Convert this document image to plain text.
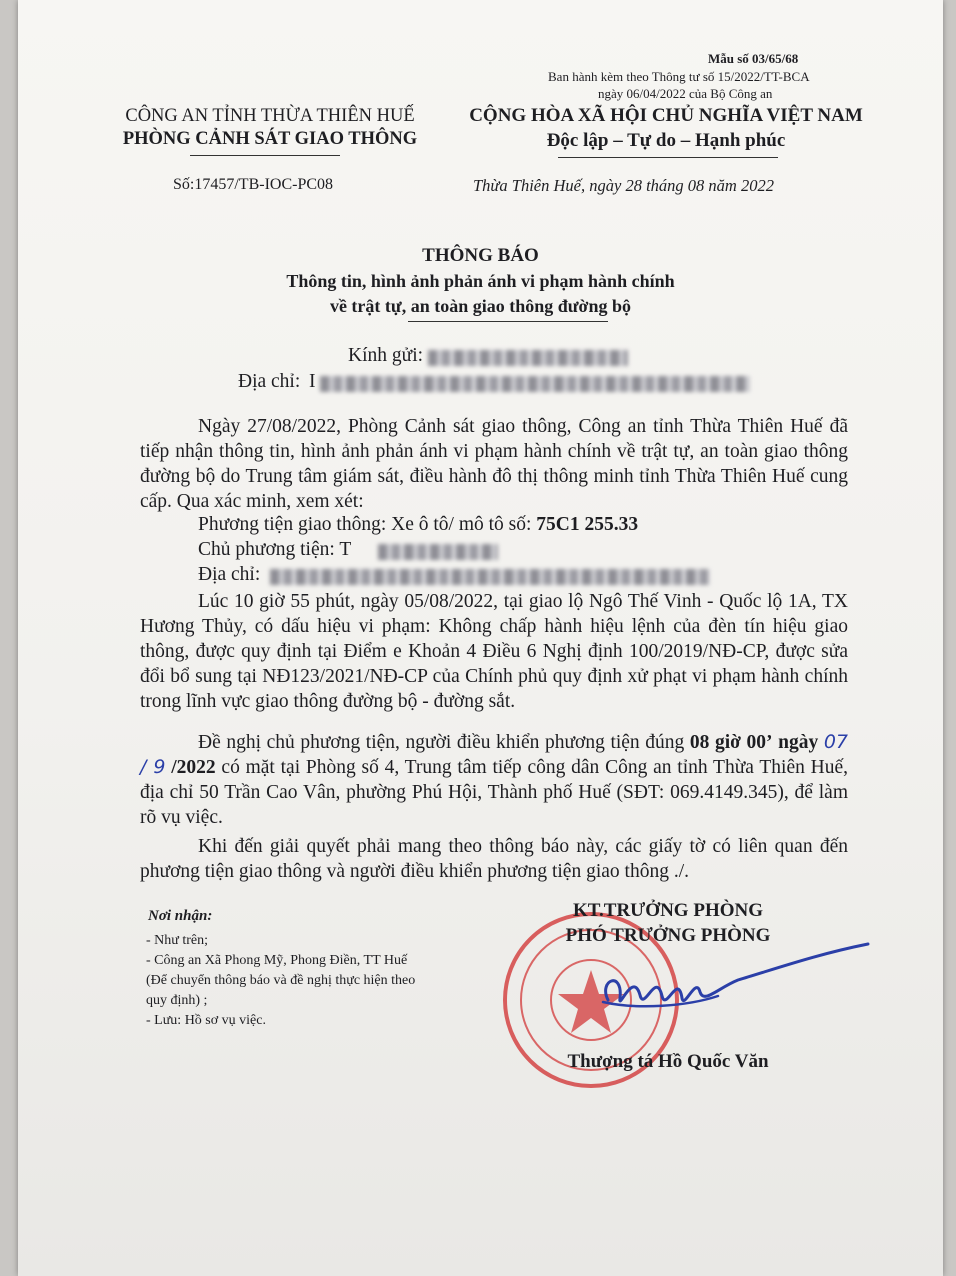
Mẫu số 03/65/68
Ban hành kèm theo Thông tư số 15/2022/TT-BCA
ngày 06/04/2022 của Bộ Công an
CÔNG AN TỈNH THỪA THIÊN HUẾ
PHÒNG CẢNH SÁT GIAO THÔNG
Số:17457/TB-IOC-PC08
CỘNG HÒA XÃ HỘI CHỦ NGHĨA VIỆT NAM
Độc lập – Tự do – Hạnh phúc
Thừa Thiên Huế, ngày 28 tháng 08 năm 2022
THÔNG BÁO
Thông tin, hình ảnh phản ánh vi phạm hành chính
về trật tự, an toàn giao thông đường bộ
Kính gửi:
Địa chỉ: I
Ngày 27/08/2022, Phòng Cảnh sát giao thông, Công an tỉnh Thừa Thiên Huế đã tiếp nhận thông tin, hình ảnh phản ánh vi phạm hành chính về trật tự, an toàn giao thông đường bộ do Trung tâm giám sát, điều hành đô thị thông minh tỉnh Thừa Thiên Huế cung cấp. Qua xác minh, xem xét:
Phương tiện giao thông: Xe ô tô/ mô tô số: 75C1 255.33
Chủ phương tiện: T
Địa chỉ:
Lúc 10 giờ 55 phút, ngày 05/08/2022, tại giao lộ Ngô Thế Vinh - Quốc lộ 1A, TX Hương Thủy, có dấu hiệu vi phạm: Không chấp hành hiệu lệnh của đèn tín hiệu giao thông, được quy định tại Điểm e Khoản 4 Điều 6 Nghị định 100/2019/NĐ-CP, được sửa đổi bổ sung tại NĐ123/2021/NĐ-CP của Chính phủ quy định xử phạt vi phạm hành chính trong lĩnh vực giao thông đường bộ - đường sắt.
Đề nghị chủ phương tiện, người điều khiển phương tiện đúng 08 giờ 00’ ngày 07 / 9 /2022 có mặt tại Phòng số 4, Trung tâm tiếp công dân Công an tỉnh Thừa Thiên Huế, địa chỉ 50 Trần Cao Vân, phường Phú Hội, Thành phố Huế (SĐT: 069.4149.345), để làm rõ vụ việc.
Khi đến giải quyết phải mang theo thông báo này, các giấy tờ có liên quan đến phương tiện giao thông và người điều khiển phương tiện giao thông ./.
Nơi nhận:
- Như trên;
- Công an Xã Phong Mỹ, Phong Điền, TT Huế
(Để chuyển thông báo và đề nghị thực hiện theo
quy định) ;
- Lưu: Hồ sơ vụ việc.
KT.TRƯỞNG PHÒNG
PHÓ TRƯỞNG PHÒNG
Thượng tá Hồ Quốc Văn
